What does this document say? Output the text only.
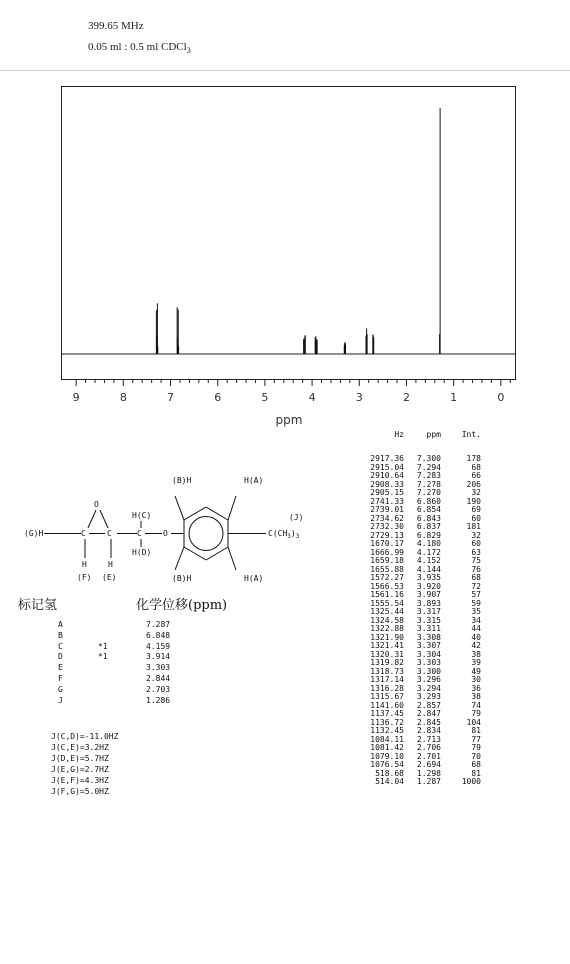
399.65 MHz
0.05 ml : 0.5 ml CDCl$_3$
9	8	7	6	5	4	3	2	1	0
ppm
Hz	ppm	Int.
2917.36	7.300	178
2915.04	7.294	68
2910.64	7.283	66
2908.33	7.278	206
2905.15	7.270	32
2741.33	6.860	190
2739.01	6.854	69
2734.62	6.843	60
2732.30	6.837	181
2729.13	6.829	32
1670.17	4.180	60
1666.99	4.172	63
1659.18	4.152	75
1655.88	4.144	76
1572.27	3.935	68
1566.53	3.920	72
1561.16	3.907	57
1555.54	3.893	59
1325.44	3.317	35
1324.58	3.315	34
1322.88	3.311	44
1321.90	3.308	40
1321.41	3.307	42
1320.31	3.304	38
1319.82	3.303	39
1318.73	3.300	49
1317.14	3.296	30
1316.28	3.294	36
1315.67	3.293	38
1141.60	2.857	74
1137.45	2.847	79
1136.72	2.845	104
1132.45	2.834	81
1084.11	2.713	77
1081.42	2.706	79
1079.10	2.701	70
1076.54	2.694	68
518.68	1.298	81
514.04	1.287	1000
(B)H	H(A)
(B)H	H(A)
H(C)
H(D)
O
O
C	C	C
(G)H
H	H
(F) (E)
(J)
$C(CH_3)_3$
标记氢	化学位移(ppm)
A	7.287
B	6.848
C	*1	4.159
D	*1	3.914
E	3.303
F	2.844
G	2.703
J	1.286
J(C,D)=-11.0HZ
J(C,E)=3.2HZ
J(D,E)=5.7HZ
J(E,G)=2.7HZ
J(E,F)=4.3HZ
J(F,G)=5.0HZ
